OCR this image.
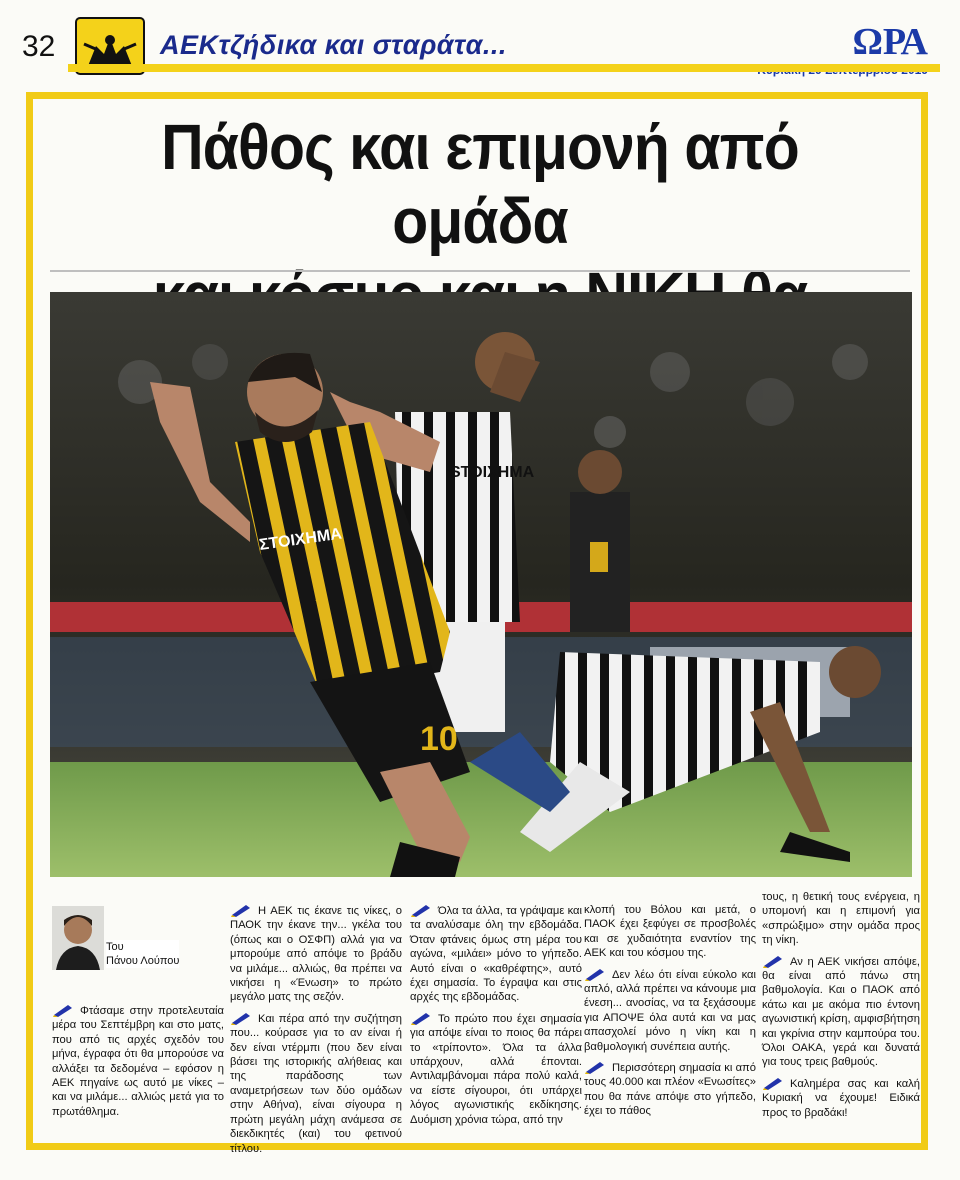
32	ΑΕΚτζήδικα και σταράτα...	ΩΡΑ
Πάθος και επιμονή από ομάδα
STOIXHMA
10
ΣΤΟΙΧΗΜΑ
Του
Πάνου Λούπου

Φτάσαμε στην προτελευταία μέρα του Σεπτέμβρη και στο ματς, που από τις αρχές σχεδόν του μήνα, έγραφα ότι θα μπορούσε να αλλάξει τα δεδομένα – εφόσον η ΑΕΚ πηγαίνε ως αυτό με νίκες – και να μιλάμε... αλλιώς μετά για το πρωτάθλημα.

Η ΑΕΚ τις έκανε τις νίκες, ο ΠΑΟΚ την έκανε την... γκέλα του (όπως και ο ΟΣΦΠ) αλλά για να μπορούμε από απόψε το βράδυ να μιλάμε... αλλιώς, θα πρέπει να νικήσει η «Ένωση» το πρώτο μεγάλο ματς της σεζόν.

Και πέρα από την συζήτηση που... κούρασε για το αν είναι ή δεν είναι ντέρμπι (που δεν είναι βάσει της ιστορικής αλήθειας και της παράδοσης των αναμετρήσεων των δύο ομάδων στην Αθήνα), είναι σίγουρα η πρώτη μεγάλη μάχη ανάμεσα σε διεκδικητές (και) του φετινού τίτλου.

Όλα τα άλλα, τα γράψαμε και τα αναλύσαμε όλη την εβδομάδα. Όταν φτάνεις όμως στη μέρα του αγώνα, «μιλάει» μόνο το γήπεδο. Αυτό είναι ο «καθρέφτης», αυτό έχει σημασία. Το έγραψα και στις αρχές της εβδομάδας.

Το πρώτο που έχει σημασία για απόψε είναι το ποιος θα πάρει το «τρίποντο». Όλα τα άλλα υπάρχουν, αλλά έπονται. Αντιλαμβάνομαι πάρα πολύ καλά, να είστε σίγουροι, ότι υπάρχει λόγος αγωνιστικής εκδίκησης. Δυόμιση χρόνια τώρα, από την

κλοπή του Βόλου και μετά, ο ΠΑΟΚ έχει ξεφύγει σε προσβολές και σε χυδαιότητα εναντίον της ΑΕΚ και του κόσμου της.

Δεν λέω ότι είναι εύκολο και απλό, αλλά πρέπει να κάνουμε μια ένεση... ανοσίας, να τα ξεχάσουμε για ΑΠΟΨΕ όλα αυτά και να μας απασχολεί μόνο η νίκη και η βαθμολογική συνέπεια αυτής.

Περισσότερη σημασία κι από τους 40.000 και πλέον «Ενωσίτες» που θα πάνε απόψε στο γήπεδο, έχει το πάθος

τους, η θετική τους ενέργεια, η υπομονή και η επιμονή για «σπρώξιμο» στην ομάδα προς τη νίκη.

Αν η ΑΕΚ νικήσει απόψε, θα είναι από πάνω στη βαθμολογία. Και ο ΠΑΟΚ από κάτω και με ακόμα πιο έντονη αγωνιστική κρίση, αμφισβήτηση και γκρίνια στην καμπούρα του. Όλοι ΟΑΚΑ, γερά και δυνατά για τους τρεις βαθμούς.

Καλημέρα σας και καλή Κυριακή να έχουμε! Ειδικά προς το βραδάκι!
